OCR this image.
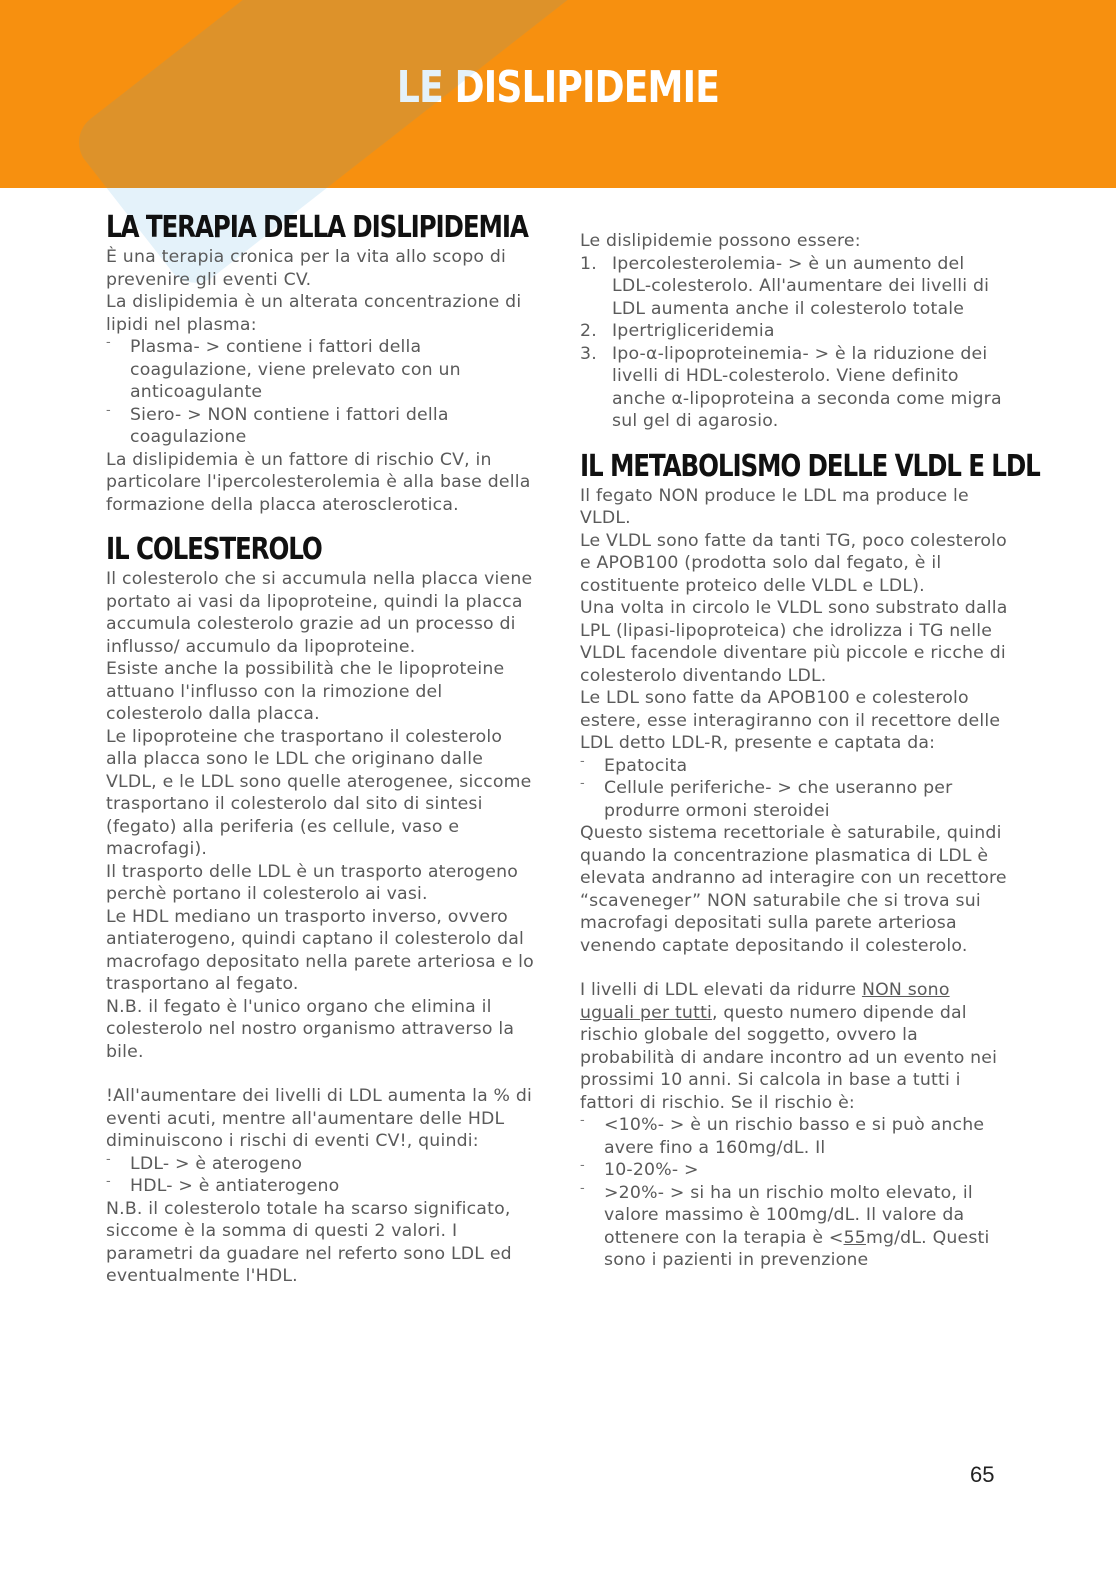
LE DISLIPIDEMIE
LA TERAPIA DELLA DISLIPIDEMIA

È una terapia cronica per la vita allo scopo di prevenire gli eventi CV.

La dislipidemia è un alterata concentrazione di lipidi nel plasma:

- Plasma- > contiene i fattori della coagulazione, viene prelevato con un anticoagulante
- Siero- > NON contiene i fattori della coagulazione

La dislipidemia è un fattore di rischio CV, in particolare l'ipercolesterolemia è alla base della formazione della placca aterosclerotica.

IL COLESTEROLO

Il colesterolo che si accumula nella placca viene portato ai vasi da lipoproteine, quindi la placca accumula colesterolo grazie ad un processo di influsso/ accumulo da lipoproteine.

Esiste anche la possibilità che le lipoproteine attuano l'influsso con la rimozione del colesterolo dalla placca.

Le lipoproteine che trasportano il colesterolo alla placca sono le LDL che originano dalle VLDL, e le LDL sono quelle aterogenee, siccome trasportano il colesterolo dal sito di sintesi (fegato) alla periferia (es cellule, vaso e macrofagi).

Il trasporto delle LDL è un trasporto aterogeno perchè portano il colesterolo ai vasi.

Le HDL mediano un trasporto inverso, ovvero antiaterogeno, quindi captano il colesterolo dal macrofago depositato nella parete arteriosa e lo trasportano al fegato.

N.B. il fegato è l'unico organo che elimina il colesterolo nel nostro organismo attraverso la bile.

!All'aumentare dei livelli di LDL aumenta la % di eventi acuti, mentre all'aumentare delle HDL diminuiscono i rischi di eventi CV!, quindi:

- LDL- > è aterogeno
- HDL- > è antiaterogeno

N.B. il colesterolo totale ha scarso significato, siccome è la somma di questi 2 valori. I parametri da guadare nel referto sono LDL ed eventualmente l'HDL.

Le dislipidemie possono essere:

1. Ipercolesterolemia- > è un aumento del LDL-colesterolo. All'aumentare dei livelli di LDL aumenta anche il colesterolo totale
2. Ipertrigliceridemia
3. Ipo-α-lipoproteinemia- > è la riduzione dei livelli di HDL-colesterolo. Viene definito anche α-lipoproteina a seconda come migra sul gel di agarosio.
IL METABOLISMO DELLE VLDL E LDL

Il fegato NON produce le LDL ma produce le VLDL.

Le VLDL sono fatte da tanti TG, poco colesterolo e APOB100 (prodotta solo dal fegato, è il costituente proteico delle VLDL e LDL).

Una volta in circolo le VLDL sono substrato dalla LPL (lipasi-lipoproteica) che idrolizza i TG nelle VLDL facendole diventare più piccole e ricche di colesterolo diventando LDL.

Le LDL sono fatte da APOB100 e colesterolo estere, esse interagiranno con il recettore delle LDL detto LDL-R, presente e captata da:

- Epatocita
- Cellule periferiche- > che useranno per produrre ormoni steroidei

Questo sistema recettoriale è saturabile, quindi quando la concentrazione plasmatica di LDL è elevata andranno ad interagire con un recettore “scaveneger” NON saturabile che si trova sui macrofagi depositati sulla parete arteriosa venendo captate depositando il colesterolo.

I livelli di LDL elevati da ridurre NON sono uguali per tutti, questo numero dipende dal rischio globale del soggetto, ovvero la probabilità di andare incontro ad un evento nei prossimi 10 anni. Si calcola in base a tutti i fattori di rischio. Se il rischio è:

- <10%- > è un rischio basso e si può anche avere fino a 160mg/dL. Il
- 10-20%- >
- >20%- > si ha un rischio molto elevato, il valore massimo è 100mg/dL. Il valore da ottenere con la terapia è <55mg/dL. Questi sono i pazienti in prevenzione
65
